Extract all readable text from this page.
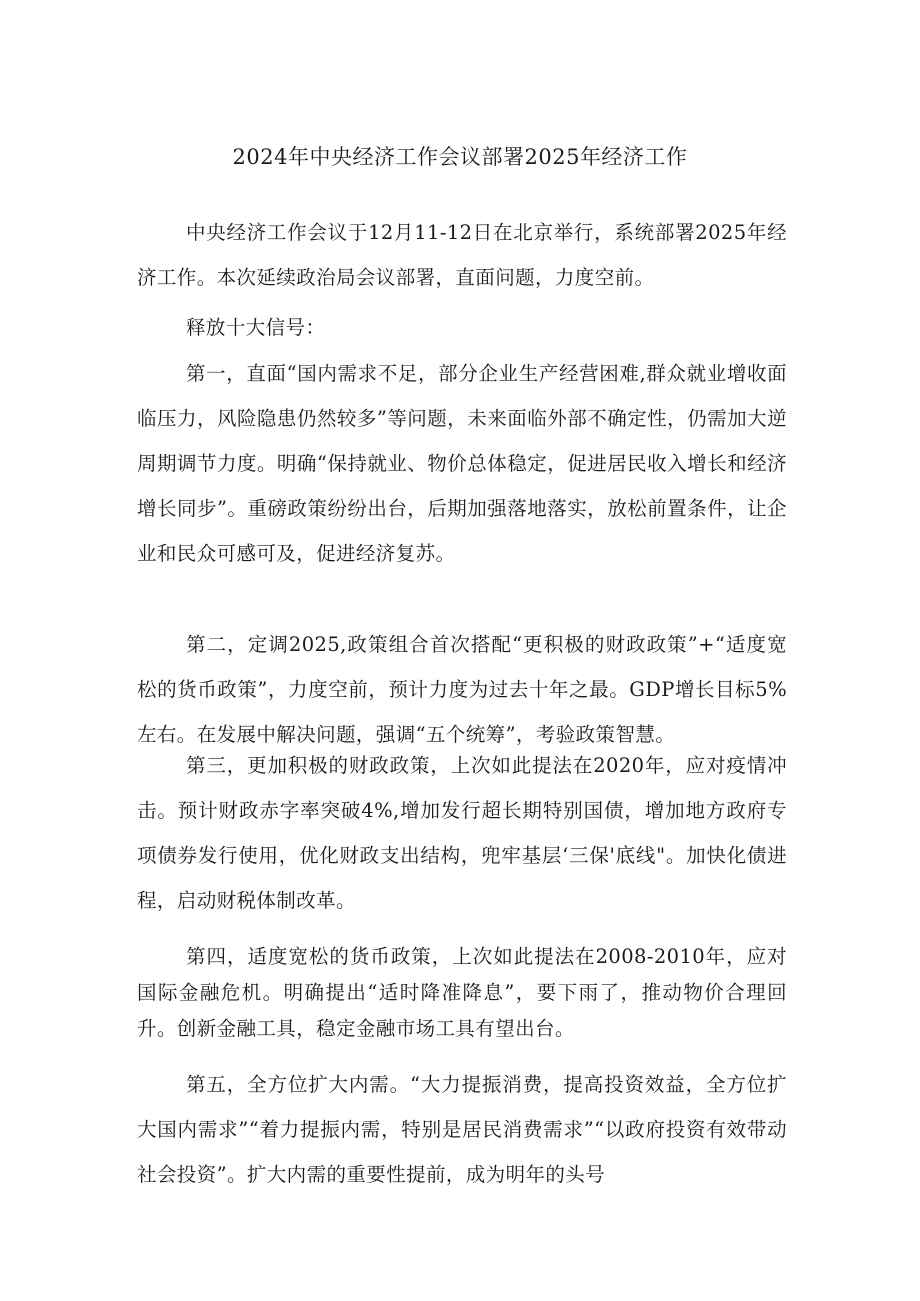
2024年中央经济工作会议部署2025年经济工作

中央经济工作会议于12月11-12日在北京举行，系统部署2025年经济工作。本次延续政治局会议部署，直面问题，力度空前。

释放十大信号：

第一，直面“国内需求不足，部分企业生产经营困难,群众就业增收面临压力，风险隐患仍然较多”等问题，未来面临外部不确定性，仍需加大逆周期调节力度。明确“保持就业、物价总体稳定，促进居民收入增长和经济增长同步”。重磅政策纷纷出台，后期加强落地落实，放松前置条件，让企业和民众可感可及，促进经济复苏。

第二，定调2025,政策组合首次搭配“更积极的财政政策”+“适度宽松的货币政策”，力度空前，预计力度为过去十年之最。GDP增长目标5%左右。在发展中解决问题，强调“五个统筹”，考验政策智慧。

第三，更加积极的财政政策，上次如此提法在2020年，应对疫情冲击。预计财政赤字率突破4%,增加发行超长期特别国债，增加地方政府专项债券发行使用，优化财政支出结构，兜牢基层‘三保'底线"。加快化债进程，启动财税体制改革。

第四，适度宽松的货币政策，上次如此提法在2008-2010年，应对国际金融危机。明确提出“适时降准降息”，要下雨了，推动物价合理回升。创新金融工具，稳定金融市场工具有望出台。

第五，全方位扩大内需。“大力提振消费，提高投资效益，全方位扩大国内需求”“着力提振内需，特别是居民消费需求”“以政府投资有效带动社会投资”。扩大内需的重要性提前，成为明年的头号
